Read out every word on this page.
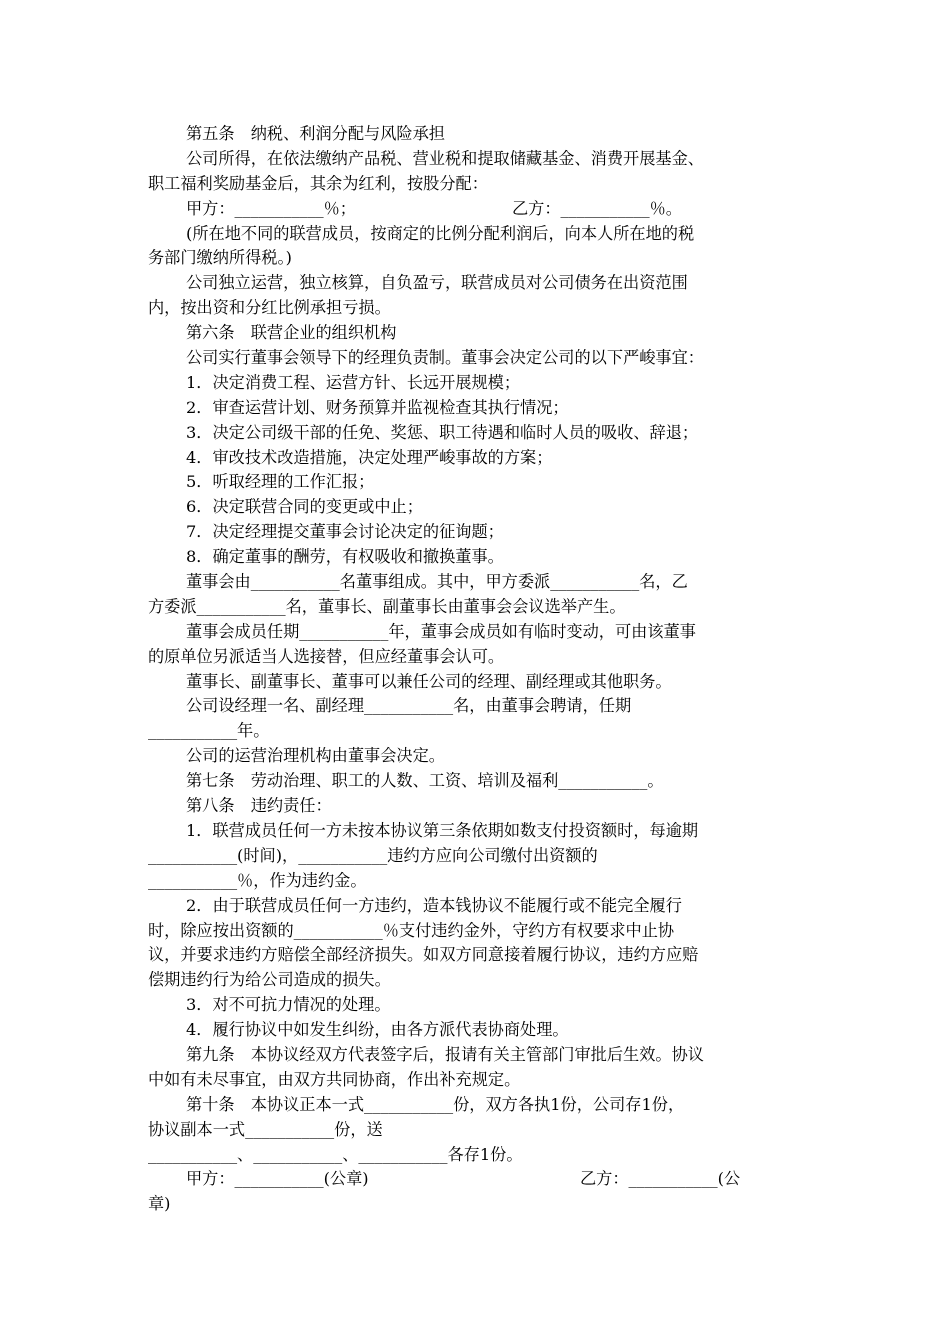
第五条　纳税、利润分配与风险承担
公司所得，在依法缴纳产品税、营业税和提取储藏基金、消费开展基金、
职工福利奖励基金后，其余为红利，按股分配：
甲方：___________％；	乙方：___________％。
(所在地不同的联营成员，按商定的比例分配利润后，向本人所在地的税
务部门缴纳所得税。)
公司独立运营，独立核算，自负盈亏，联营成员对公司债务在出资范围
内，按出资和分红比例承担亏损。
第六条　联营企业的组织机构
公司实行董事会领导下的经理负责制。董事会决定公司的以下严峻事宜：
1．决定消费工程、运营方针、长远开展规模；
2．审查运营计划、财务预算并监视检查其执行情况；
3．决定公司级干部的任免、奖惩、职工待遇和临时人员的吸收、辞退；
4．审改技术改造措施，决定处理严峻事故的方案；
5．听取经理的工作汇报；
6．决定联营合同的变更或中止；
7．决定经理提交董事会讨论决定的征询题；
8．确定董事的酬劳，有权吸收和撤换董事。
董事会由___________名董事组成。其中，甲方委派___________名，乙
方委派___________名，董事长、副董事长由董事会会议选举产生。
董事会成员任期___________年，董事会成员如有临时变动，可由该董事
的原单位另派适当人选接替，但应经董事会认可。
董事长、副董事长、董事可以兼任公司的经理、副经理或其他职务。
公司设经理一名、副经理___________名，由董事会聘请，任期
___________年。
公司的运营治理机构由董事会决定。
第七条　劳动治理、职工的人数、工资、培训及福利___________。
第八条　违约责任：
1．联营成员任何一方未按本协议第三条依期如数支付投资额时，每逾期
___________(时间)，___________违约方应向公司缴付出资额的
___________％，作为违约金。
2．由于联营成员任何一方违约，造本钱协议不能履行或不能完全履行
时，除应按出资额的___________％支付违约金外，守约方有权要求中止协
议，并要求违约方赔偿全部经济损失。如双方同意接着履行协议，违约方应赔
偿期违约行为给公司造成的损失。
3．对不可抗力情况的处理。
4．履行协议中如发生纠纷，由各方派代表协商处理。
第九条　本协议经双方代表签字后，报请有关主管部门审批后生效。协议
中如有未尽事宜，由双方共同协商，作出补充规定。
第十条　本协议正本一式___________份，双方各执1份，公司存1份，
协议副本一式___________份，送
___________、___________、___________各存1份。
甲方：___________(公章)	乙方：___________(公
章)
